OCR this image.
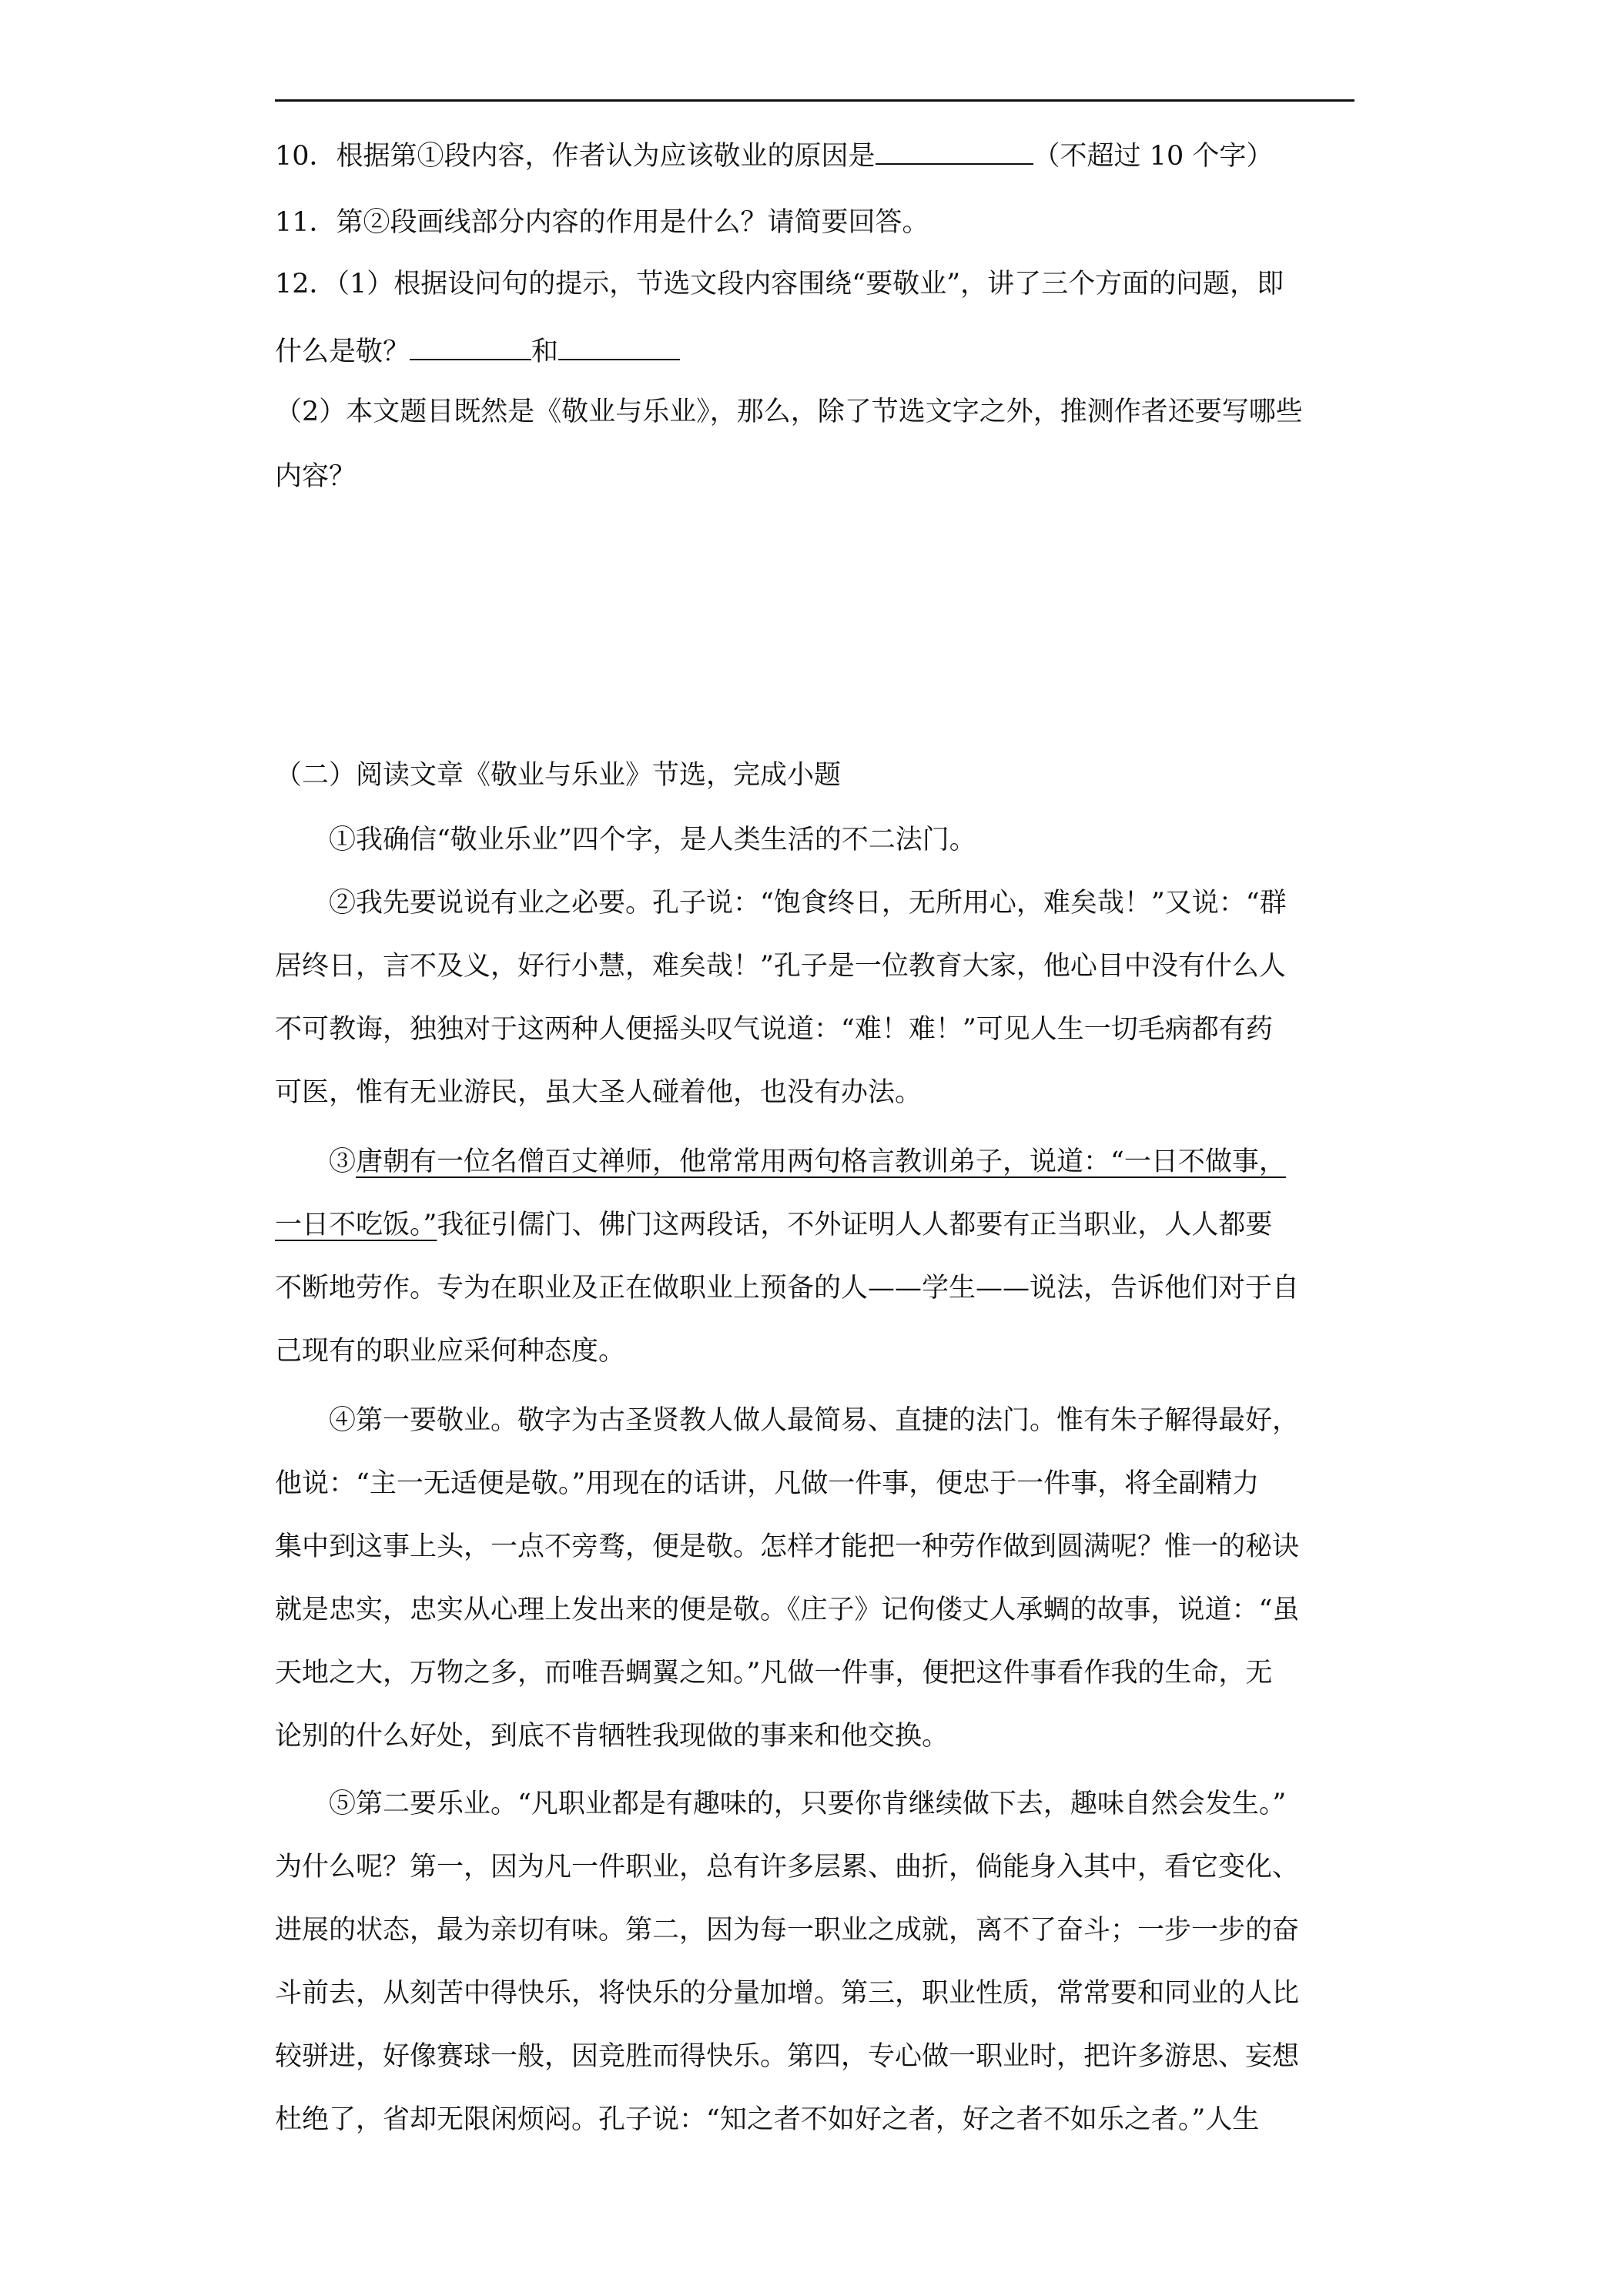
10．根据第①段内容，作者认为应该敬业的原因是	（不超过 10 个字）
11．第②段画线部分内容的作用是什么？请简要回答。
12．（1）根据设问句的提示，节选文段内容围绕“要敬业”，讲了三个方面的问题，即
什么是敬？	和
（2）本文题目既然是《敬业与乐业》，那么，除了节选文字之外，推测作者还要写哪些
内容？
（二）阅读文章《敬业与乐业》节选，完成小题
①我确信“敬业乐业”四个字，是人类生活的不二法门。
②我先要说说有业之必要。孔子说：“饱食终日，无所用心，难矣哉！”又说：“群
居终日，言不及义，好行小慧，难矣哉！”孔子是一位教育大家，他心目中没有什么人
不可教诲，独独对于这两种人便摇头叹气说道：“难！难！”可见人生一切毛病都有药
可医，惟有无业游民，虽大圣人碰着他，也没有办法。
③唐朝有一位名僧百丈禅师，他常常用两句格言教训弟子，说道：“一日不做事，
一日不吃饭。”我征引儒门、佛门这两段话，不外证明人人都要有正当职业，人人都要
不断地劳作。专为在职业及正在做职业上预备的人——学生——说法，告诉他们对于自
己现有的职业应采何种态度。
④第一要敬业。敬字为古圣贤教人做人最简易、直捷的法门。惟有朱子解得最好，
他说：“主一无适便是敬。”用现在的话讲，凡做一件事，便忠于一件事，将全副精力
集中到这事上头，一点不旁骛，便是敬。怎样才能把一种劳作做到圆满呢？惟一的秘诀
就是忠实，忠实从心理上发出来的便是敬。《庄子》记佝偻丈人承蜩的故事，说道：“虽
天地之大，万物之多，而唯吾蜩翼之知。”凡做一件事，便把这件事看作我的生命，无
论别的什么好处，到底不肯牺牲我现做的事来和他交换。
⑤第二要乐业。“凡职业都是有趣味的，只要你肯继续做下去，趣味自然会发生。”
为什么呢？第一，因为凡一件职业，总有许多层累、曲折，倘能身入其中，看它变化、
进展的状态，最为亲切有味。第二，因为每一职业之成就，离不了奋斗；一步一步的奋
斗前去，从刻苦中得快乐，将快乐的分量加增。第三，职业性质，常常要和同业的人比
较骈进，好像赛球一般，因竞胜而得快乐。第四，专心做一职业时，把许多游思、妄想
杜绝了，省却无限闲烦闷。孔子说：“知之者不如好之者，好之者不如乐之者。”人生
